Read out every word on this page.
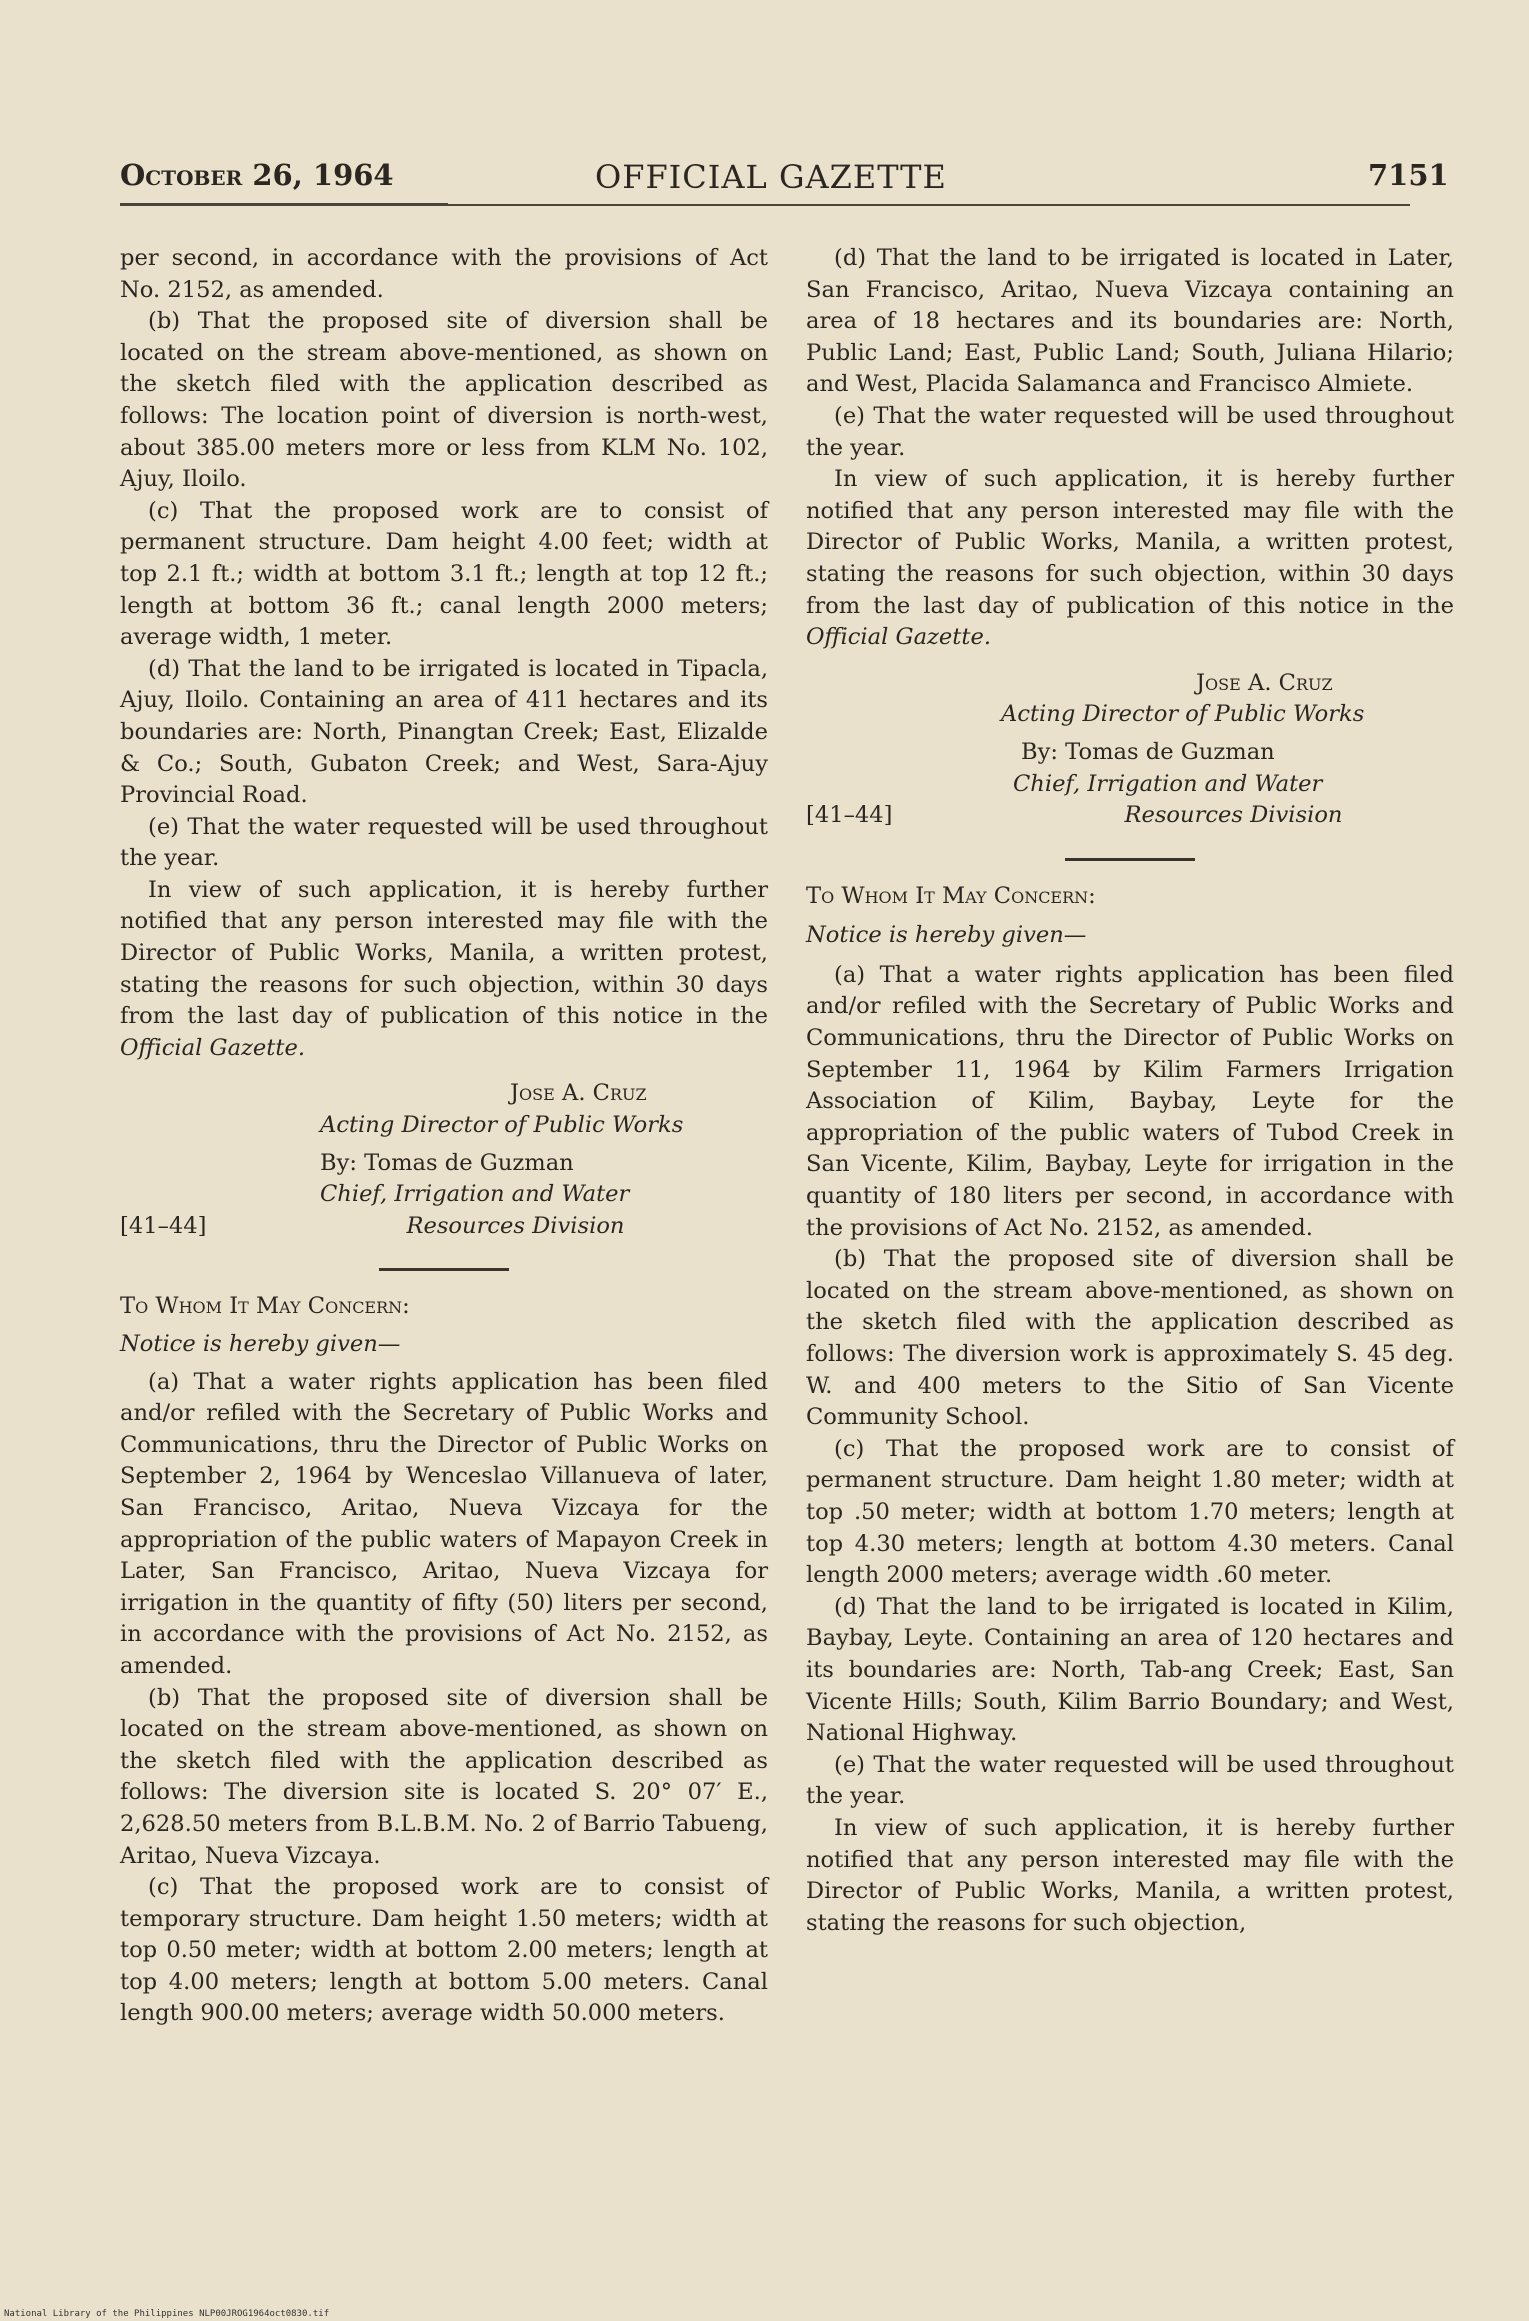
October 26, 1964	OFFICIAL GAZETTE	7151

per second, in accordance with the provisions of Act No. 2152, as amended.

(b) That the proposed site of diversion shall be located on the stream above-mentioned, as shown on the sketch filed with the application described as follows: The location point of diversion is north-west, about 385.00 meters more or less from KLM No. 102, Ajuy, Iloilo.

(c) That the proposed work are to consist of permanent structure. Dam height 4.00 feet; width at top 2.1 ft.; width at bottom 3.1 ft.; length at top 12 ft.; length at bottom 36 ft.; canal length 2000 meters; average width, 1 meter.

(d) That the land to be irrigated is located in Tipacla, Ajuy, Iloilo. Containing an area of 411 hectares and its boundaries are: North, Pinangtan Creek; East, Elizalde & Co.; South, Gubaton Creek; and West, Sara-Ajuy Provincial Road.

(e) That the water requested will be used throughout the year.

In view of such application, it is hereby further notified that any person interested may file with the Director of Public Works, Manila, a written protest, stating the reasons for such objection, within 30 days from the last day of publication of this notice in the Official Gazette.

Jose A. Cruz
Acting Director of Public Works
By: Tomas de Guzman
Chief, Irrigation and Water
[41–44]	Resources Division

To Whom It May Concern:

Notice is hereby given—

(a) That a water rights application has been filed and/or refiled with the Secretary of Public Works and Communications, thru the Director of Public Works on September 2, 1964 by Wenceslao Villanueva of later, San Francisco, Aritao, Nueva Vizcaya for the appropriation of the public waters of Mapayon Creek in Later, San Francisco, Aritao, Nueva Vizcaya for irrigation in the quantity of fifty (50) liters per second, in accordance with the provisions of Act No. 2152, as amended.

(b) That the proposed site of diversion shall be located on the stream above-mentioned, as shown on the sketch filed with the application described as follows: The diversion site is located S. 20° 07′ E., 2,628.50 meters from B.L.B.M. No. 2 of Barrio Tabueng, Aritao, Nueva Vizcaya.

(c) That the proposed work are to consist of temporary structure. Dam height 1.50 meters; width at top 0.50 meter; width at bottom 2.00 meters; length at top 4.00 meters; length at bottom 5.00 meters. Canal length 900.00 meters; average width 50.000 meters.

(d) That the land to be irrigated is located in Later, San Francisco, Aritao, Nueva Vizcaya containing an area of 18 hectares and its boundaries are: North, Public Land; East, Public Land; South, Juliana Hilario; and West, Placida Salamanca and Francisco Almiete.

(e) That the water requested will be used throughout the year.

In view of such application, it is hereby further notified that any person interested may file with the Director of Public Works, Manila, a written protest, stating the reasons for such objection, within 30 days from the last day of publication of this notice in the Official Gazette.

Jose A. Cruz
Acting Director of Public Works
By: Tomas de Guzman
Chief, Irrigation and Water
[41–44]	Resources Division

To Whom It May Concern:

Notice is hereby given—

(a) That a water rights application has been filed and/or refiled with the Secretary of Public Works and Communications, thru the Director of Public Works on September 11, 1964 by Kilim Farmers Irrigation Association of Kilim, Baybay, Leyte for the appropriation of the public waters of Tubod Creek in San Vicente, Kilim, Baybay, Leyte for irrigation in the quantity of 180 liters per second, in accordance with the provisions of Act No. 2152, as amended.

(b) That the proposed site of diversion shall be located on the stream above-mentioned, as shown on the sketch filed with the application described as follows: The diversion work is approximately S. 45 deg. W. and 400 meters to the Sitio of San Vicente Community School.

(c) That the proposed work are to consist of permanent structure. Dam height 1.80 meter; width at top .50 meter; width at bottom 1.70 meters; length at top 4.30 meters; length at bottom 4.30 meters. Canal length 2000 meters; average width .60 meter.

(d) That the land to be irrigated is located in Kilim, Baybay, Leyte. Containing an area of 120 hectares and its boundaries are: North, Tab-ang Creek; East, San Vicente Hills; South, Kilim Barrio Boundary; and West, National Highway.

(e) That the water requested will be used throughout the year.

In view of such application, it is hereby further notified that any person interested may file with the Director of Public Works, Manila, a written protest, stating the reasons for such objection,

National Library of the Philippines NLP00JROG1964oct0830.tif
